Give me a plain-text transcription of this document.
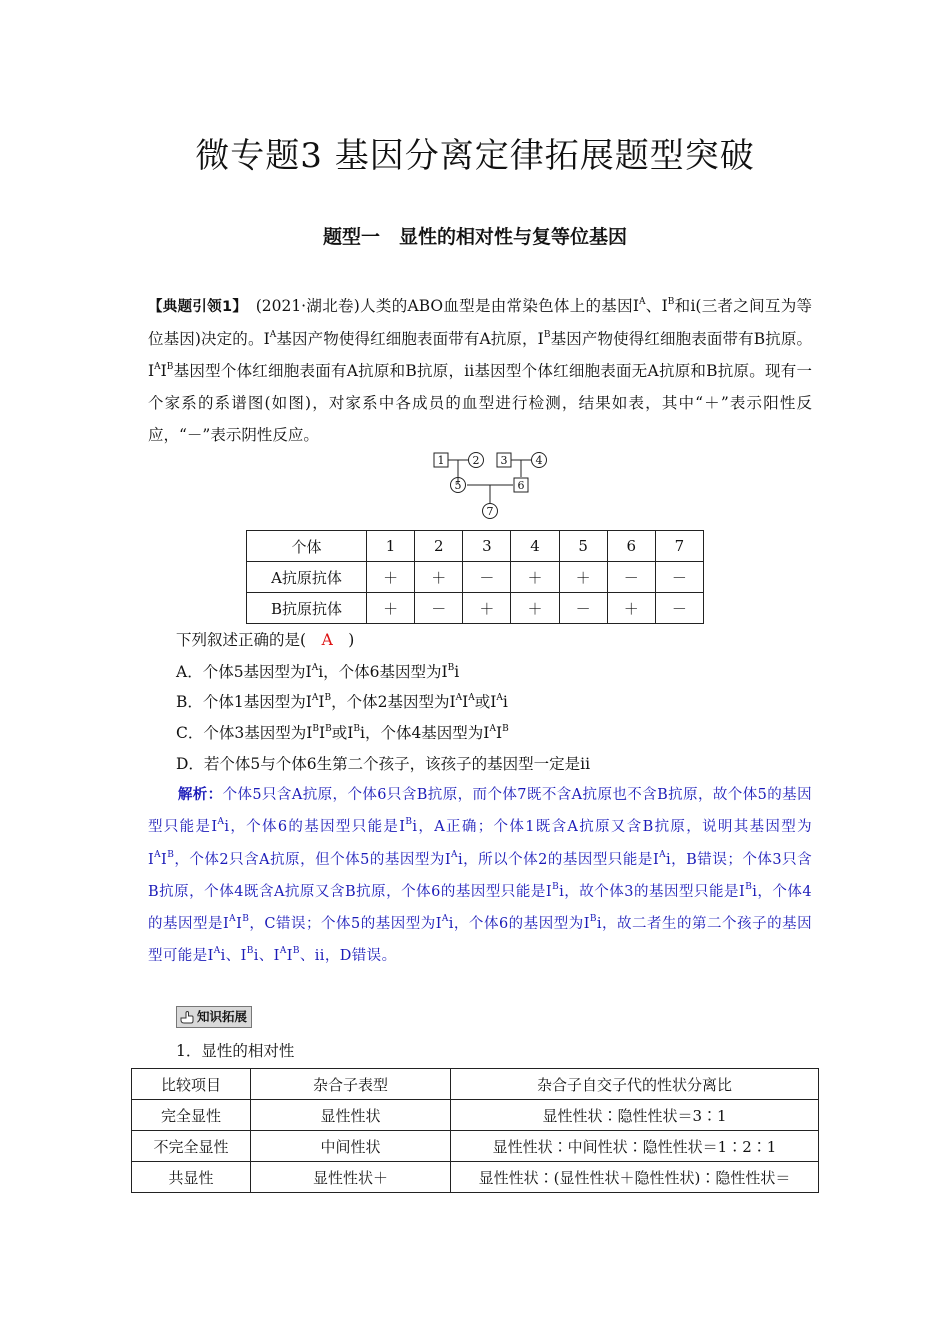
微专题3 基因分离定律拓展题型突破
题型一　显性的相对性与复等位基因
【典题引领1】　 (2021·湖北卷)人类的ABO血型是由常染色体上的基因$I^A$、$I^B$和i(三者之间互为等位基因)决定的。$I^A$基因产物使得红细胞表面带有A抗原，$I^B$基因产物使得红细胞表面带有B抗原。$I^AI^B$基因型个体红细胞表面有A抗原和B抗原，ii基因型个体红细胞表面无A抗原和B抗原。现有一个家系的系谱图(如图)，对家系中各成员的血型进行检测，结果如表，其中“＋”表示阳性反应，“－”表示阴性反应。
1	2 3	4
5	6
7
个体	1	2	3	4	5	6	7
A抗原抗体	＋	＋	－	＋	＋	－	－
B抗原抗体	＋	－	＋	＋	－	＋	－
下列叙述正确的是(　 A　 )
A．个体5基因型为$I^Ai$，个体6基因型为$I^Bi$
B．个体1基因型为$I^AI^B$，个体2基因型为$I^AI^A$或$I^Ai$
C．个体3基因型为$I^BI^B$或$I^Bi$，个体4基因型为$I^AI^B$
D．若个体5与个体6生第二个孩子，该孩子的基因型一定是ii
　　解析：个体5只含A抗原，个体6只含B抗原，而个体7既不含A抗原也不含B抗原，故个体5的基因型只能是$I^Ai$，个体6的基因型只能是$I^Bi$，A正确；个体1既含A抗原又含B抗原，说明其基因型为$I^AI^B$，个体2只含A抗原，但个体5的基因型为$I^Ai$，所以个体2的基因型只能是$I^Ai$，B错误；个体3只含B抗原，个体4既含A抗原又含B抗原，个体6的基因型只能是$I^Bi$，故个体3的基因型只能是$I^Bi$，个体4的基因型是$I^AI^B$，C错误；个体5的基因型为$I^Ai$，个体6的基因型为$I^Bi$，故二者生的第二个孩子的基因型可能是$I^Ai$、$I^Bi$、$I^AI^B$、ii，D错误。
知识拓展
1．显性的相对性
比较项目	杂合子表型	杂合子自交子代的性状分离比
完全显性	显性性状	显性性状∶隐性性状＝3∶1
不完全显性	中间性状	显性性状∶中间性状∶隐性性状＝1∶2∶1
共显性	显性性状＋	显性性状∶(显性性状＋隐性性状)∶隐性性状＝
